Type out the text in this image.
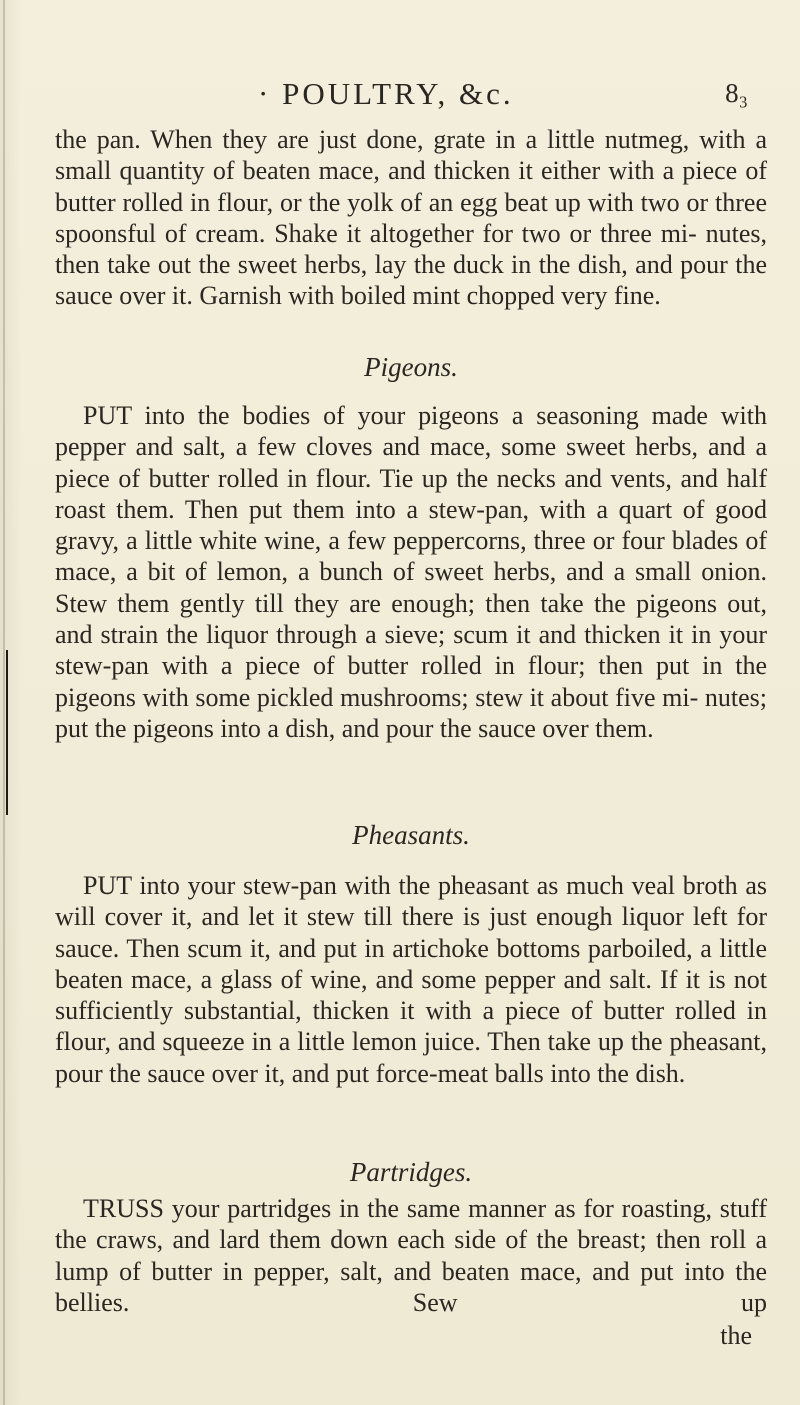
· POULTRY, &c.	8₃

the pan. When they are just done, grate in a little nutmeg, with a small quantity of beaten mace, and thicken it either with a piece of butter rolled in flour, or the yolk of an egg beat up with two or three spoonsful of cream. Shake it altogether for two or three mi- nutes, then take out the sweet herbs, lay the duck in the dish, and pour the sauce over it. Garnish with boiled mint chopped very fine.

Pigeons.

PUT into the bodies of your pigeons a seasoning made with pepper and salt, a few cloves and mace, some sweet herbs, and a piece of butter rolled in flour. Tie up the necks and vents, and half roast them. Then put them into a stew-pan, with a quart of good gravy, a little white wine, a few peppercorns, three or four blades of mace, a bit of lemon, a bunch of sweet herbs, and a small onion. Stew them gently till they are enough; then take the pigeons out, and strain the liquor through a sieve; scum it and thicken it in your stew-pan with a piece of butter rolled in flour; then put in the pigeons with some pickled mushrooms; stew it about five mi- nutes; put the pigeons into a dish, and pour the sauce over them.

Pheasants.

PUT into your stew-pan with the pheasant as much veal broth as will cover it, and let it stew till there is just enough liquor left for sauce. Then scum it, and put in artichoke bottoms parboiled, a little beaten mace, a glass of wine, and some pepper and salt. If it is not sufficiently substantial, thicken it with a piece of butter rolled in flour, and squeeze in a little lemon juice. Then take up the pheasant, pour the sauce over it, and put force-meat balls into the dish.

Partridges.

TRUSS your partridges in the same manner as for roasting, stuff the craws, and lard them down each side of the breast; then roll a lump of butter in pepper, salt, and beaten mace, and put into the bellies. Sew up

the
